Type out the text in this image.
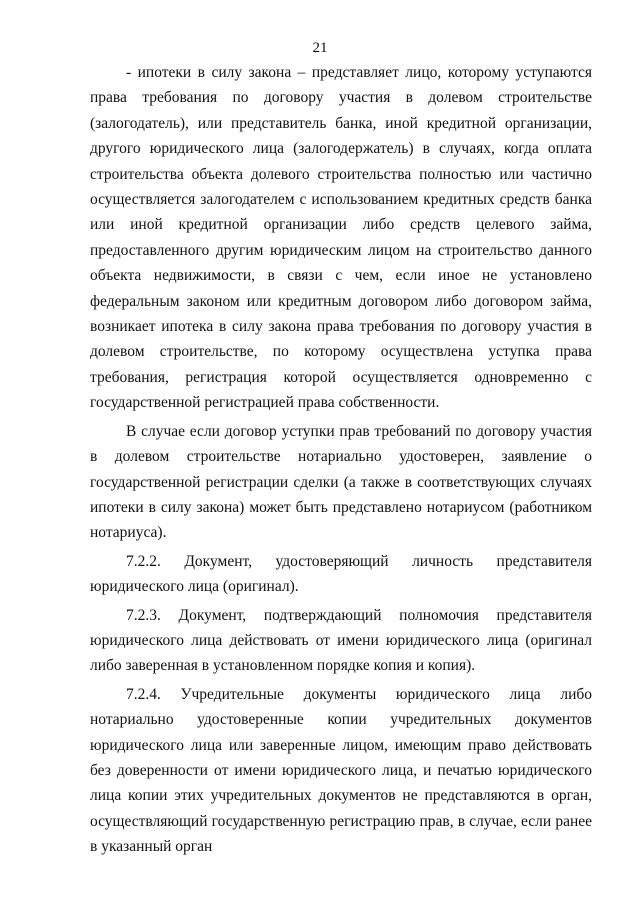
21

- ипотеки в силу закона – представляет лицо, которому уступаются права требования по договору участия в долевом строительстве (залогодатель), или представитель банка, иной кредитной организации, другого юридического лица (залогодержатель) в случаях, когда оплата строительства объекта долевого строительства полностью или частично осуществляется залогодателем с использованием кредитных средств банка или иной кредитной организации либо средств целевого займа, предоставленного другим юридическим лицом на строительство данного объекта недвижимости, в связи с чем, если иное не установлено федеральным законом или кредитным договором либо договором займа, возникает ипотека в силу закона права требования по договору участия в долевом строительстве, по которому осуществлена уступка права требования, регистрация которой осуществляется одновременно с государственной регистрацией права собственности.

В случае если договор уступки прав требований по договору участия в долевом строительстве нотариально удостоверен, заявление о государственной регистрации сделки (а также в соответствующих случаях ипотеки в силу закона) может быть представлено нотариусом (работником нотариуса).

7.2.2. Документ, удостоверяющий личность представителя юридического лица (оригинал).

7.2.3. Документ, подтверждающий полномочия представителя юридического лица действовать от имени юридического лица (оригинал либо заверенная в установленном порядке копия и копия).

7.2.4. Учредительные документы юридического лица либо нотариально удостоверенные копии учредительных документов юридического лица или заверенные лицом, имеющим право действовать без доверенности от имени юридического лица, и печатью юридического лица копии этих учредительных документов не представляются в орган, осуществляющий государственную регистрацию прав, в случае, если ранее в указанный орган
